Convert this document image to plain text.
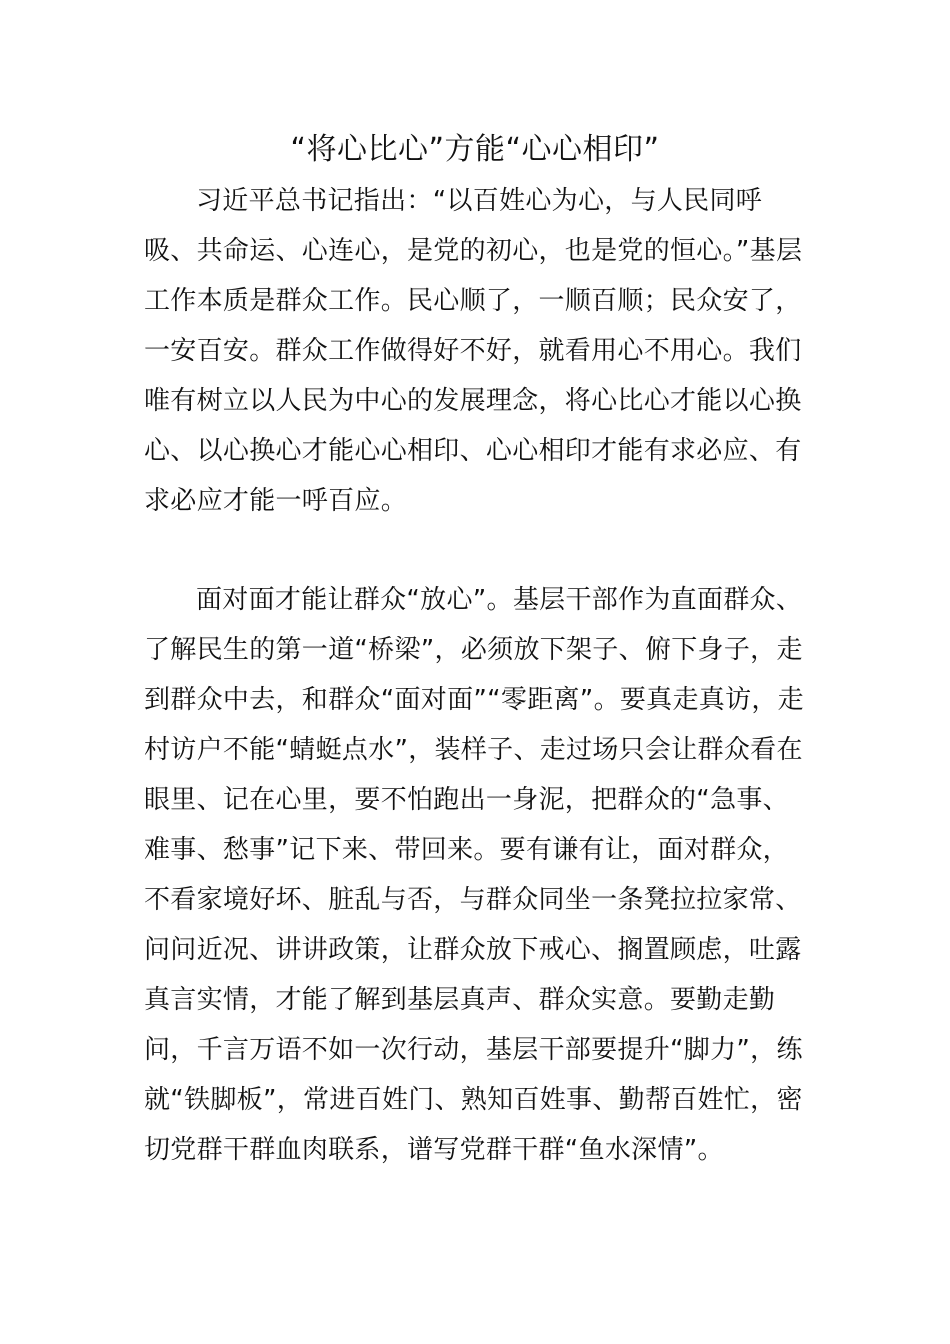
“将心比心”方能“心心相印”

习近平总书记指出：“以百姓心为心，与人民同呼吸、共命运、心连心，是党的初心，也是党的恒心。”基层工作本质是群众工作。民心顺了，一顺百顺；民众安了，一安百安。群众工作做得好不好，就看用心不用心。我们唯有树立以人民为中心的发展理念，将心比心才能以心换心、以心换心才能心心相印、心心相印才能有求必应、有求必应才能一呼百应。

面对面才能让群众“放心”。基层干部作为直面群众、了解民生的第一道“桥梁”，必须放下架子、俯下身子，走到群众中去，和群众“面对面”“零距离”。要真走真访，走村访户不能“蜻蜓点水”，装样子、走过场只会让群众看在眼里、记在心里，要不怕跑出一身泥，把群众的“急事、难事、愁事”记下来、带回来。要有谦有让，面对群众，不看家境好坏、脏乱与否，与群众同坐一条凳拉拉家常、问问近况、讲讲政策，让群众放下戒心、搁置顾虑，吐露真言实情，才能了解到基层真声、群众实意。要勤走勤问，千言万语不如一次行动，基层干部要提升“脚力”，练就“铁脚板”，常进百姓门、熟知百姓事、勤帮百姓忙，密切党群干群血肉联系，谱写党群干群“鱼水深情”。
